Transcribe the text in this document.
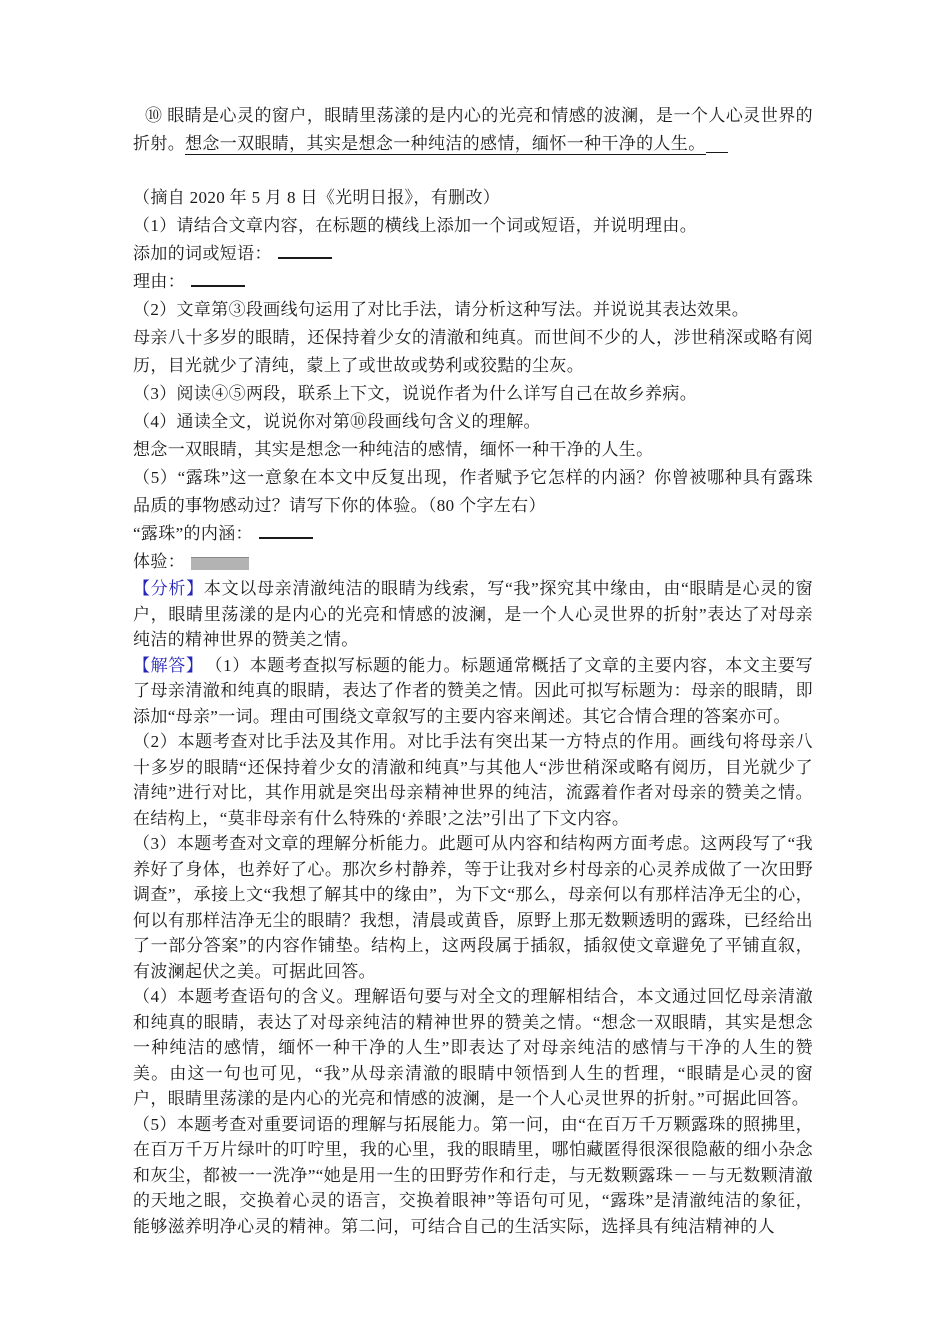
⑩ 眼睛是心灵的窗户，眼睛里荡漾的是内心的光亮和情感的波澜，是一个人心灵世界的折射。想念一双眼睛，其实是想念一种纯洁的感情，缅怀一种干净的人生。

（摘自 2020 年 5 月 8 日《光明日报》，有删改）

（1）请结合文章内容，在标题的横线上添加一个词或短语，并说明理由。

添加的词或短语：

理由：

（2）文章第③段画线句运用了对比手法，请分析这种写法。并说说其表达效果。

母亲八十多岁的眼睛，还保持着少女的清澈和纯真。而世间不少的人，涉世稍深或略有阅历，目光就少了清纯，蒙上了或世故或势利或狡黠的尘灰。

（3）阅读④⑤两段，联系上下文，说说作者为什么详写自己在故乡养病。

（4）通读全文，说说你对第⑩段画线句含义的理解。

想念一双眼睛，其实是想念一种纯洁的感情，缅怀一种干净的人生。

（5）“露珠”这一意象在本文中反复出现，作者赋予它怎样的内涵？你曾被哪种具有露珠品质的事物感动过？请写下你的体验。（80 个字左右）

“露珠”的内涵：

体验：

【分析】本文以母亲清澈纯洁的眼睛为线索，写“我”探究其中缘由，由“眼睛是心灵的窗户，眼睛里荡漾的是内心的光亮和情感的波澜，是一个人心灵世界的折射”表达了对母亲纯洁的精神世界的赞美之情。

【解答】  （1）本题考查拟写标题的能力。标题通常概括了文章的主要内容，本文主要写了母亲清澈和纯真的眼睛，表达了作者的赞美之情。因此可拟写标题为：母亲的眼睛，即添加“母亲”一词。理由可围绕文章叙写的主要内容来阐述。其它合情合理的答案亦可。

（2）本题考查对比手法及其作用。对比手法有突出某一方特点的作用。画线句将母亲八十多岁的眼睛“还保持着少女的清澈和纯真”与其他人“涉世稍深或略有阅历，目光就少了清纯”进行对比，其作用就是突出母亲精神世界的纯洁，流露着作者对母亲的赞美之情。在结构上，“莫非母亲有什么特殊的‘养眼’之法”引出了下文内容。

（3）本题考查对文章的理解分析能力。此题可从内容和结构两方面考虑。这两段写了“我养好了身体，也养好了心。那次乡村静养，等于让我对乡村母亲的心灵养成做了一次田野调查”，承接上文“我想了解其中的缘由”，为下文“那么，母亲何以有那样洁净无尘的心，何以有那样洁净无尘的眼睛？我想，清晨或黄昏，原野上那无数颗透明的露珠，已经给出了一部分答案”的内容作铺垫。结构上，这两段属于插叙，插叙使文章避免了平铺直叙，有波澜起伏之美。可据此回答。

（4）本题考查语句的含义。理解语句要与对全文的理解相结合，本文通过回忆母亲清澈和纯真的眼睛，表达了对母亲纯洁的精神世界的赞美之情。“想念一双眼睛，其实是想念一种纯洁的感情，缅怀一种干净的人生”即表达了对母亲纯洁的感情与干净的人生的赞美。由这一句也可见，“我”从母亲清澈的眼睛中领悟到人生的哲理，“眼睛是心灵的窗户，眼睛里荡漾的是内心的光亮和情感的波澜，是一个人心灵世界的折射。”可据此回答。

（5）本题考查对重要词语的理解与拓展能力。第一问，由“在百万千万颗露珠的照拂里，在百万千万片绿叶的叮咛里，我的心里，我的眼睛里，哪怕藏匿得很深很隐蔽的细小杂念和灰尘，都被一一洗净”“她是用一生的田野劳作和行走，与无数颗露珠－－与无数颗清澈的天地之眼，交换着心灵的语言，交换着眼神”等语句可见，“露珠”是清澈纯洁的象征，能够滋养明净心灵的精神。第二问，可结合自己的生活实际，选择具有纯洁精神的人
